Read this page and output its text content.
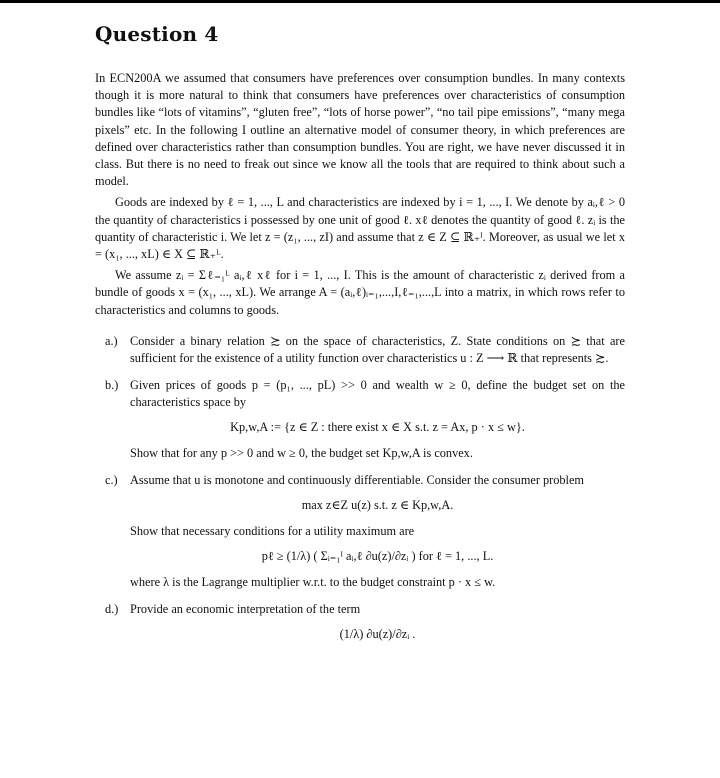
Question 4

In ECN200A we assumed that consumers have preferences over consumption bundles. In many contexts though it is more natural to think that consumers have preferences over characteristics of consumption bundles like “lots of vitamins”, “gluten free”, “lots of horse power”, “no tail pipe emissions”, “many mega pixels” etc. In the following I outline an alternative model of consumer theory, in which preferences are defined over characteristics rather than consumption bundles. You are right, we have never discussed it in class. But there is no need to freak out since we know all the tools that are required to think about such a model.

Goods are indexed by ℓ = 1, ..., L and characteristics are indexed by i = 1, ..., I. We denote by aᵢ,ℓ > 0 the quantity of characteristics i possessed by one unit of good ℓ. xℓ denotes the quantity of good ℓ. zᵢ is the quantity of characteristic i. We let z = (z₁, ..., zI) and assume that z ∈ Z ⊆ ℝ₊ᴵ. Moreover, as usual we let x = (x₁, ..., xL) ∈ X ⊆ ℝ₊ᴸ.

We assume zᵢ = Σℓ₌₁ᴸ aᵢ,ℓ xℓ for i = 1, ..., I. This is the amount of characteristic zᵢ derived from a bundle of goods x = (x₁, ..., xL). We arrange A = (aᵢ,ℓ)ᵢ₌₁,...,I,ℓ₌₁,...,L into a matrix, in which rows refer to characteristics and columns to goods.

a.) Consider a binary relation ≿ on the space of characteristics, Z. State conditions on ≿ that are sufficient for the existence of a utility function over characteristics u : Z ⟶ ℝ that represents ≿.
b.) Given prices of goods p = (p₁, ..., pL) >> 0 and wealth w ≥ 0, define the budget set on the characteristics space by
Kp,w,A := {z ∈ Z : there exist x ∈ X s.t. z = Ax, p · x ≤ w}.
Show that for any p >> 0 and w ≥ 0, the budget set Kp,w,A is convex.
c.) Assume that u is monotone and continuously differentiable. Consider the consumer problem
max z∈Z u(z) s.t. z ∈ Kp,w,A.
Show that necessary conditions for a utility maximum are
pℓ ≥ (1/λ) ( Σᵢ₌₁ᴵ aᵢ,ℓ ∂u(z)/∂zᵢ ) for ℓ = 1, ..., L.
where λ is the Lagrange multiplier w.r.t. to the budget constraint p · x ≤ w.
d.) Provide an economic interpretation of the term
(1/λ) ∂u(z)/∂zᵢ .
